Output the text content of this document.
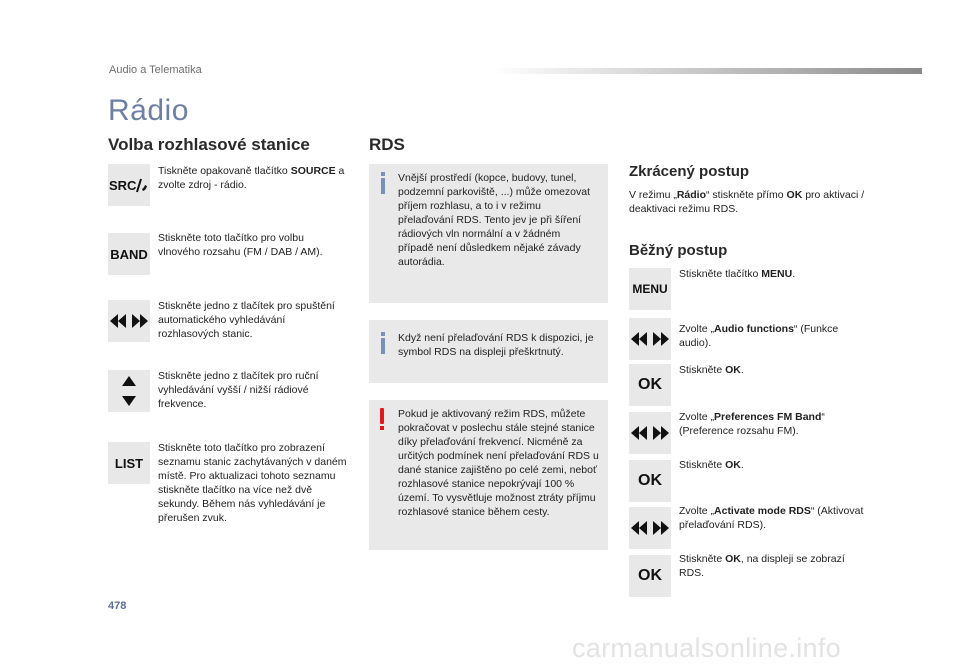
Audio a Telematika
Rádio
Volba rozhlasové stanice
SRC
Tiskněte opakovaně tlačítko SOURCE a zvolte zdroj - rádio.
BAND
Stiskněte toto tlačítko pro volbu vlnového rozsahu (FM / DAB / AM).
Stiskněte jedno z tlačítek pro spuštění automatického vyhledávání rozhlasových stanic.
Stiskněte jedno z tlačítek pro ruční vyhledávání vyšší / nižší rádiové frekvence.
LIST
Stiskněte toto tlačítko pro zobrazení seznamu stanic zachytávaných v daném místě. Pro aktualizaci tohoto seznamu stiskněte tlačítko na více než dvě sekundy. Během nás vyhledávání je přerušen zvuk.
RDS
Vnější prostředí (kopce, budovy, tunel, podzemní parkoviště, ...) může omezovat příjem rozhlasu, a to i v režimu přelaďování RDS. Tento jev je při šíření rádiových vln normální a v žádném případě není důsledkem nějaké závady autorádia.
Když není přelaďování RDS k dispozici, je symbol RDS na displeji přeškrtnutý.
Pokud je aktivovaný režim RDS, můžete pokračovat v poslechu stále stejné stanice díky přelaďování frekvencí. Nicméně za určitých podmínek není přelaďování RDS u dané stanice zajištěno po celé zemi, neboť rozhlasové stanice nepokrývají 100 % území. To vysvětluje možnost ztráty příjmu rozhlasové stanice během cesty.
Zkrácený postup
V režimu „Rádio“ stiskněte přímo OK pro aktivaci / deaktivaci režimu RDS.
Běžný postup
MENU
Stiskněte tlačítko MENU.
Zvolte „Audio functions“ (Funkce audio).
OK
Stiskněte OK.
Zvolte „Preferences FM Band“ (Preference rozsahu FM).
OK
Stiskněte OK.
Zvolte „Activate mode RDS“ (Aktivovat přelaďování RDS).
OK
Stiskněte OK, na displeji se zobrazí RDS.
478
carmanualsonline.info
